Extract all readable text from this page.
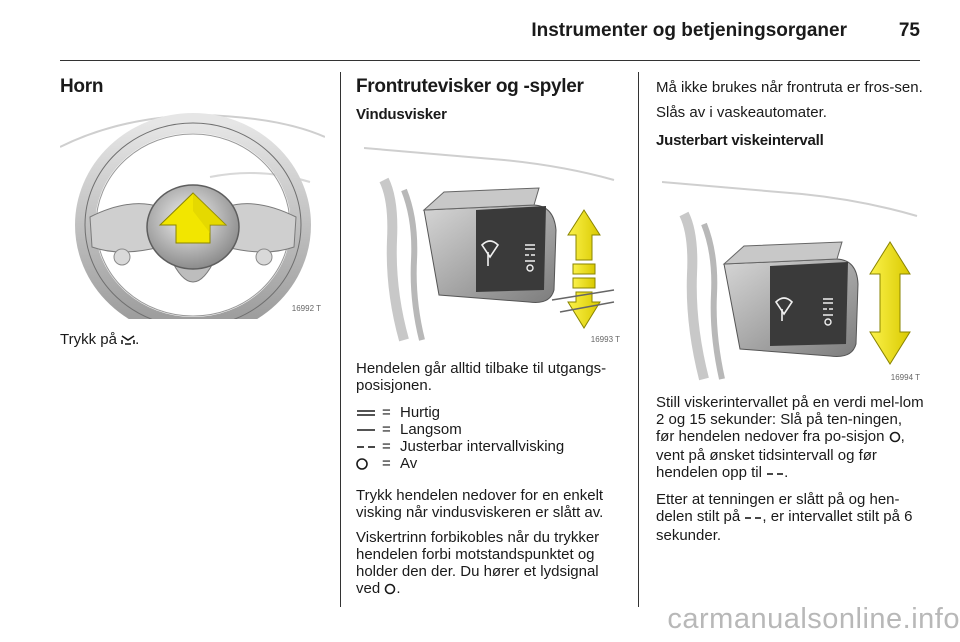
Instrumenter og betjeningsorganer	75
Horn
16992 T
Trykk på .
Frontrutevisker og -spyler
Vindusvisker
16993 T

Hendelen går alltid tilbake til utgangs-posisjonen.

= Hurtig
= Langsom
= Justerbar intervallvisking
= Av

Trykk hendelen nedover for en enkelt visking når vindusviskeren er slått av.

Viskertrinn forbikobles når du trykker hendelen forbi motstandspunktet og holder den der. Du hører et lydsignal ved .

Må ikke brukes når frontruta er fros-sen.

Slås av i vaskeautomater.

Justerbart viskeintervall
16994 T

Still viskerintervallet på en verdi mel-lom 2 og 15 sekunder: Slå på ten-ningen, før hendelen nedover fra po-sisjon , vent på ønsket tidsintervall og før hendelen opp til .

Etter at tenningen er slått på og hen-delen stilt på , er intervallet stilt på 6 sekunder.

carmanualsonline.info
